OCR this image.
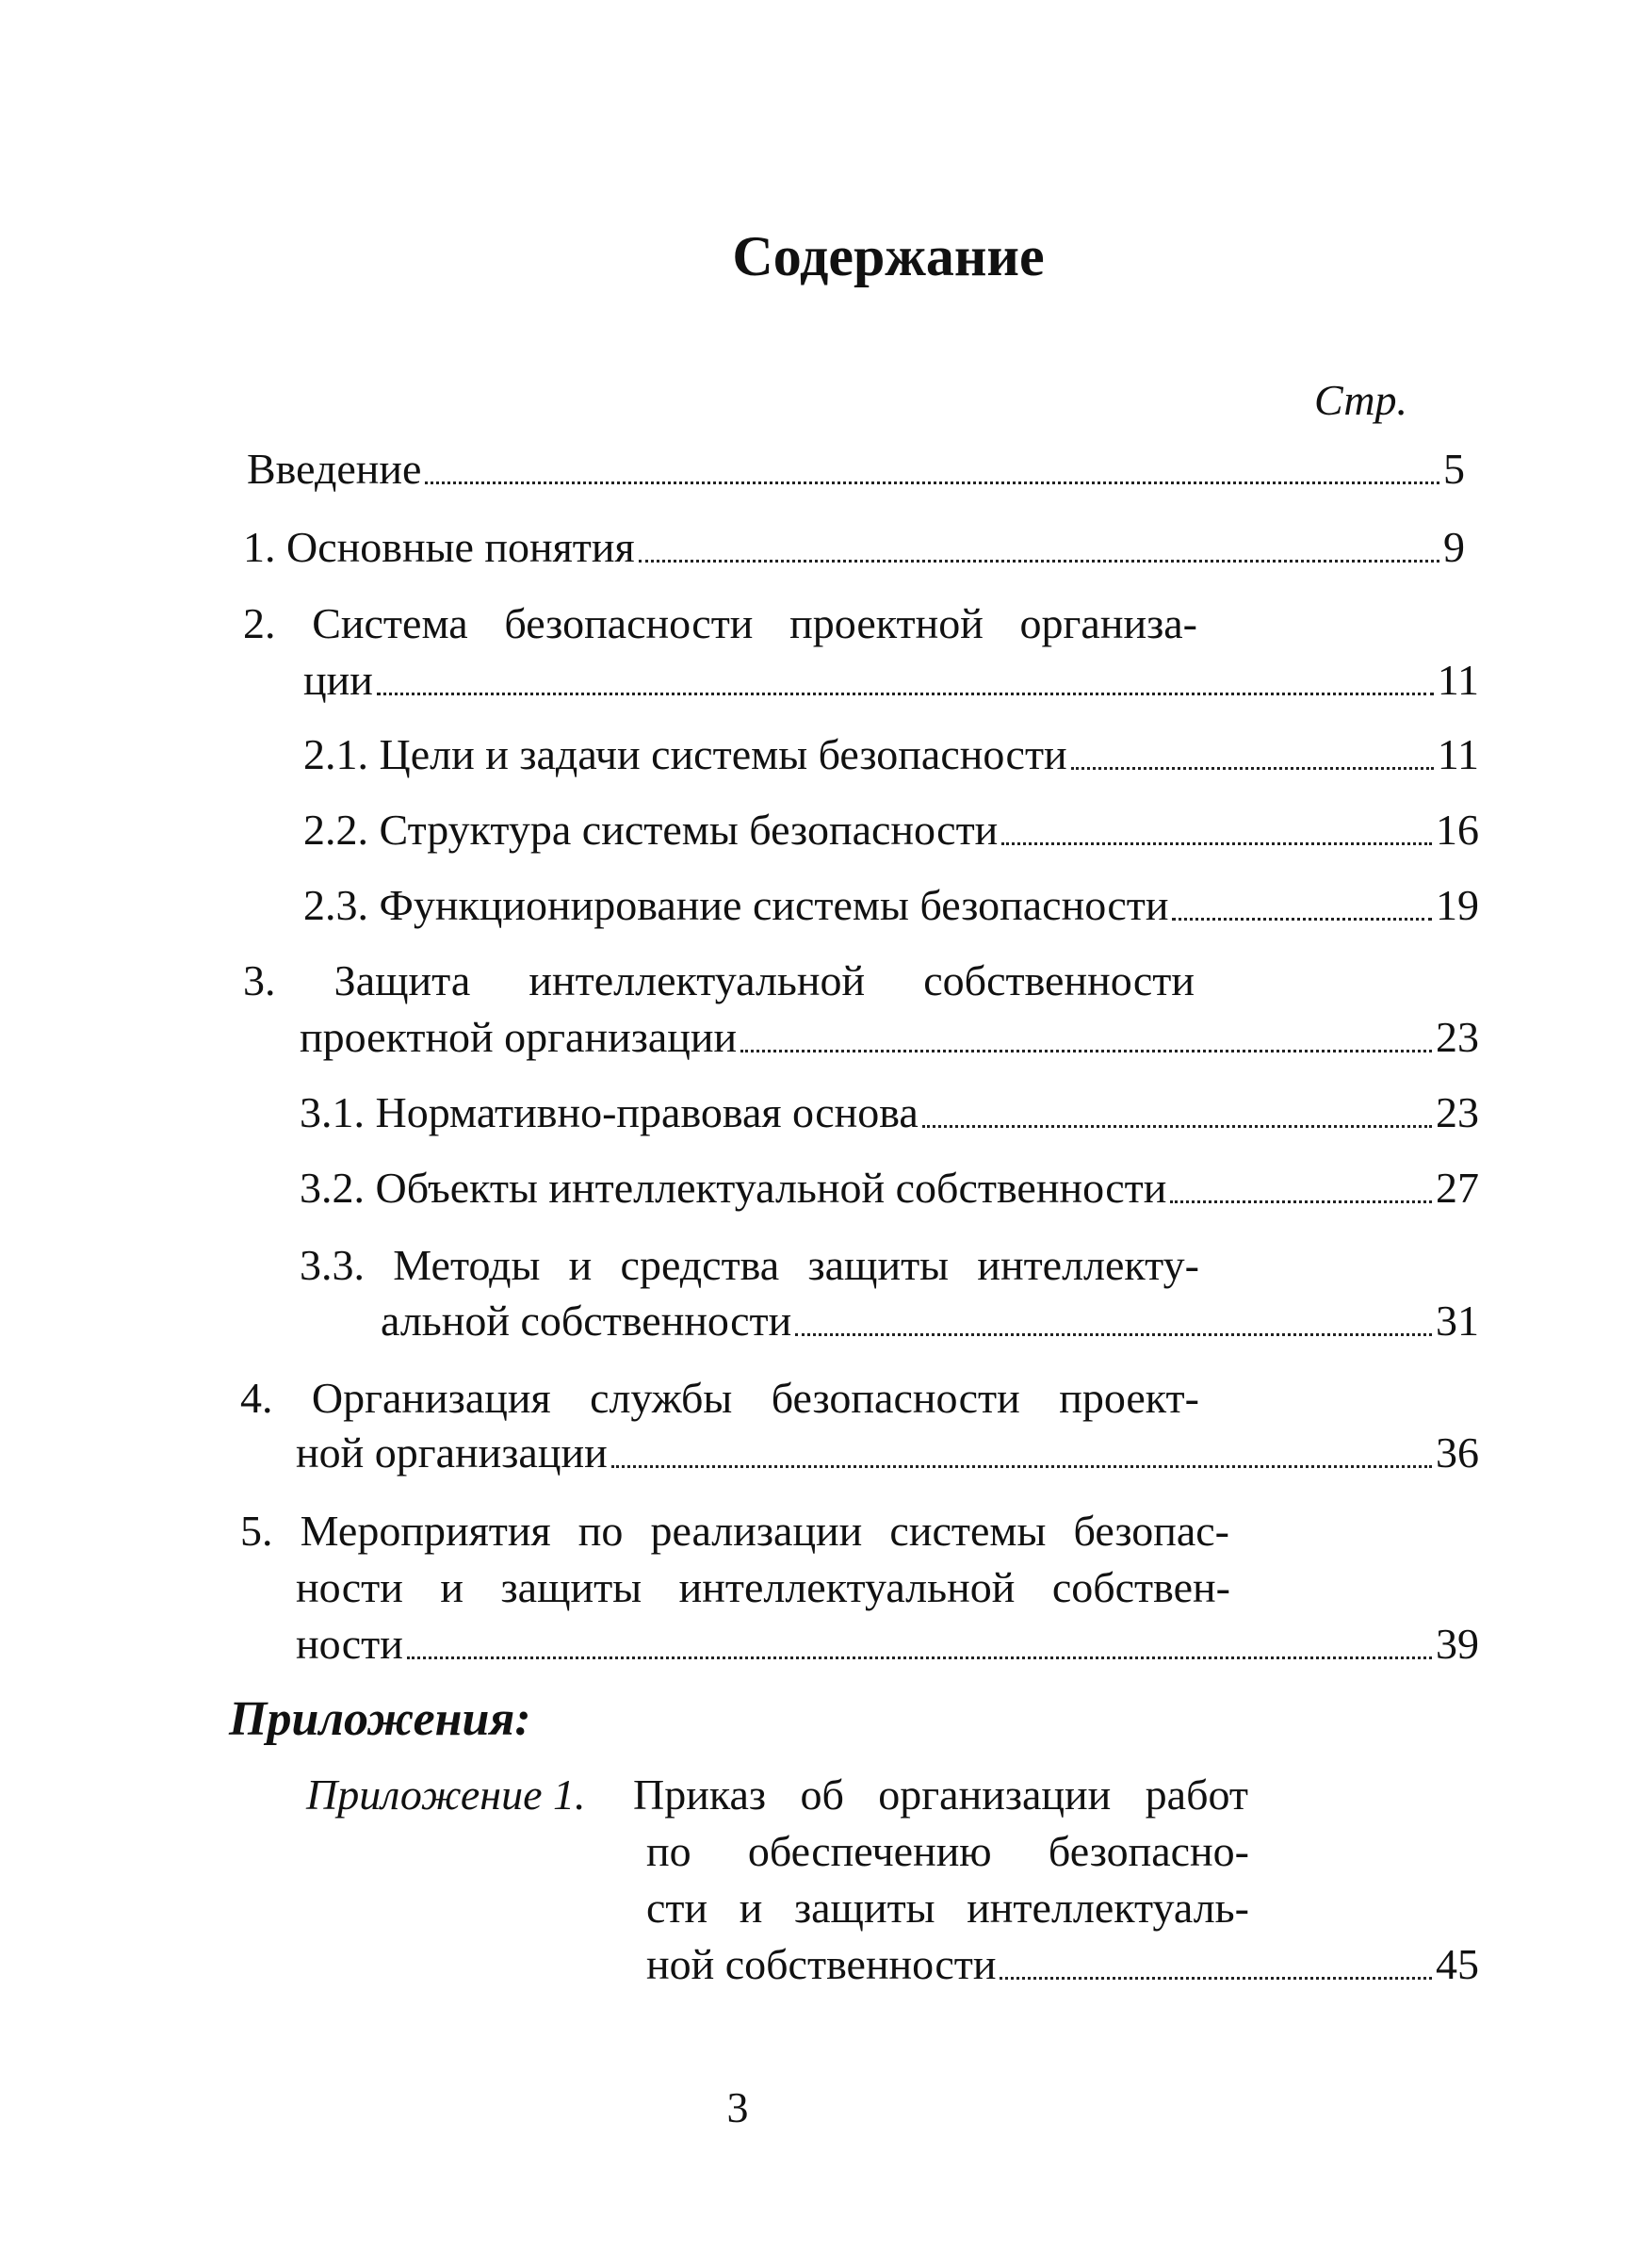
Содержание
Стр.
Введение	5
1. Основные понятия	9
2. Система безопасности проектной организа-
ции	11
2.1. Цели и задачи системы безопасности	11
2.2. Структура системы безопасности	16
2.3. Функционирование системы безопасности	19
3. Защита интеллектуальной собственности
проектной организации	23
3.1. Нормативно-правовая основа	23
3.2. Объекты интеллектуальной собственности	27
3.3. Методы и средства защиты интеллекту-
альной собственности	31
4. Организация службы безопасности проект-
ной организации	36
5. Мероприятия по реализации системы безопас-
ности и защиты интеллектуальной собствен-
ности	39
Приложения:
Приложение 1. Приказ об организации работ
по обеспечению безопасно-
сти и защиты интеллектуаль-
ной собственности	45
3
